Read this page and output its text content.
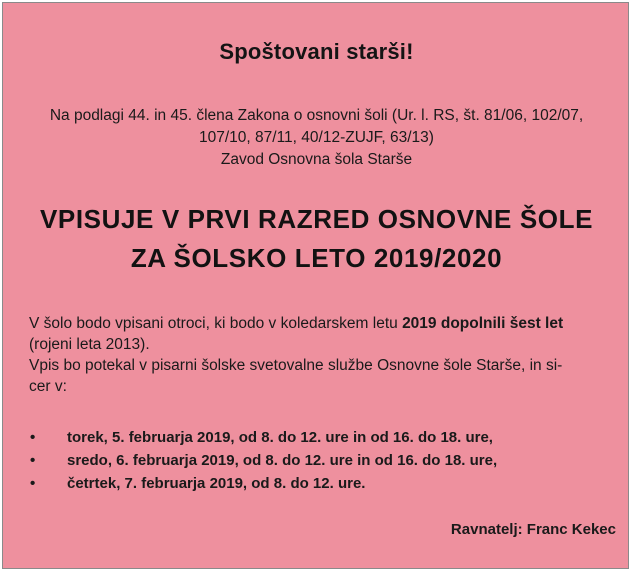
Spoštovani starši!
Na podlagi 44. in 45. člena Zakona o osnovni šoli (Ur. l. RS, št. 81/06, 102/07,
107/10, 87/11, 40/12-ZUJF, 63/13)
Zavod Osnovna šola Starše
VPISUJE V PRVI RAZRED OSNOVNE ŠOLE
ZA ŠOLSKO LETO 2019/2020
V šolo bodo vpisani otroci, ki bodo v koledarskem letu 2019 dopolnili šest let
(rojeni leta 2013).
Vpis bo potekal v pisarni šolske svetovalne službe Osnovne šole Starše, in si-
cer v:
• torek, 5. februarja 2019, od 8. do 12. ure in od 16. do 18. ure,
• sredo, 6. februarja 2019, od 8. do 12. ure in od 16. do 18. ure,
• četrtek, 7. februarja 2019, od 8. do 12. ure.
Ravnatelj: Franc Kekec
